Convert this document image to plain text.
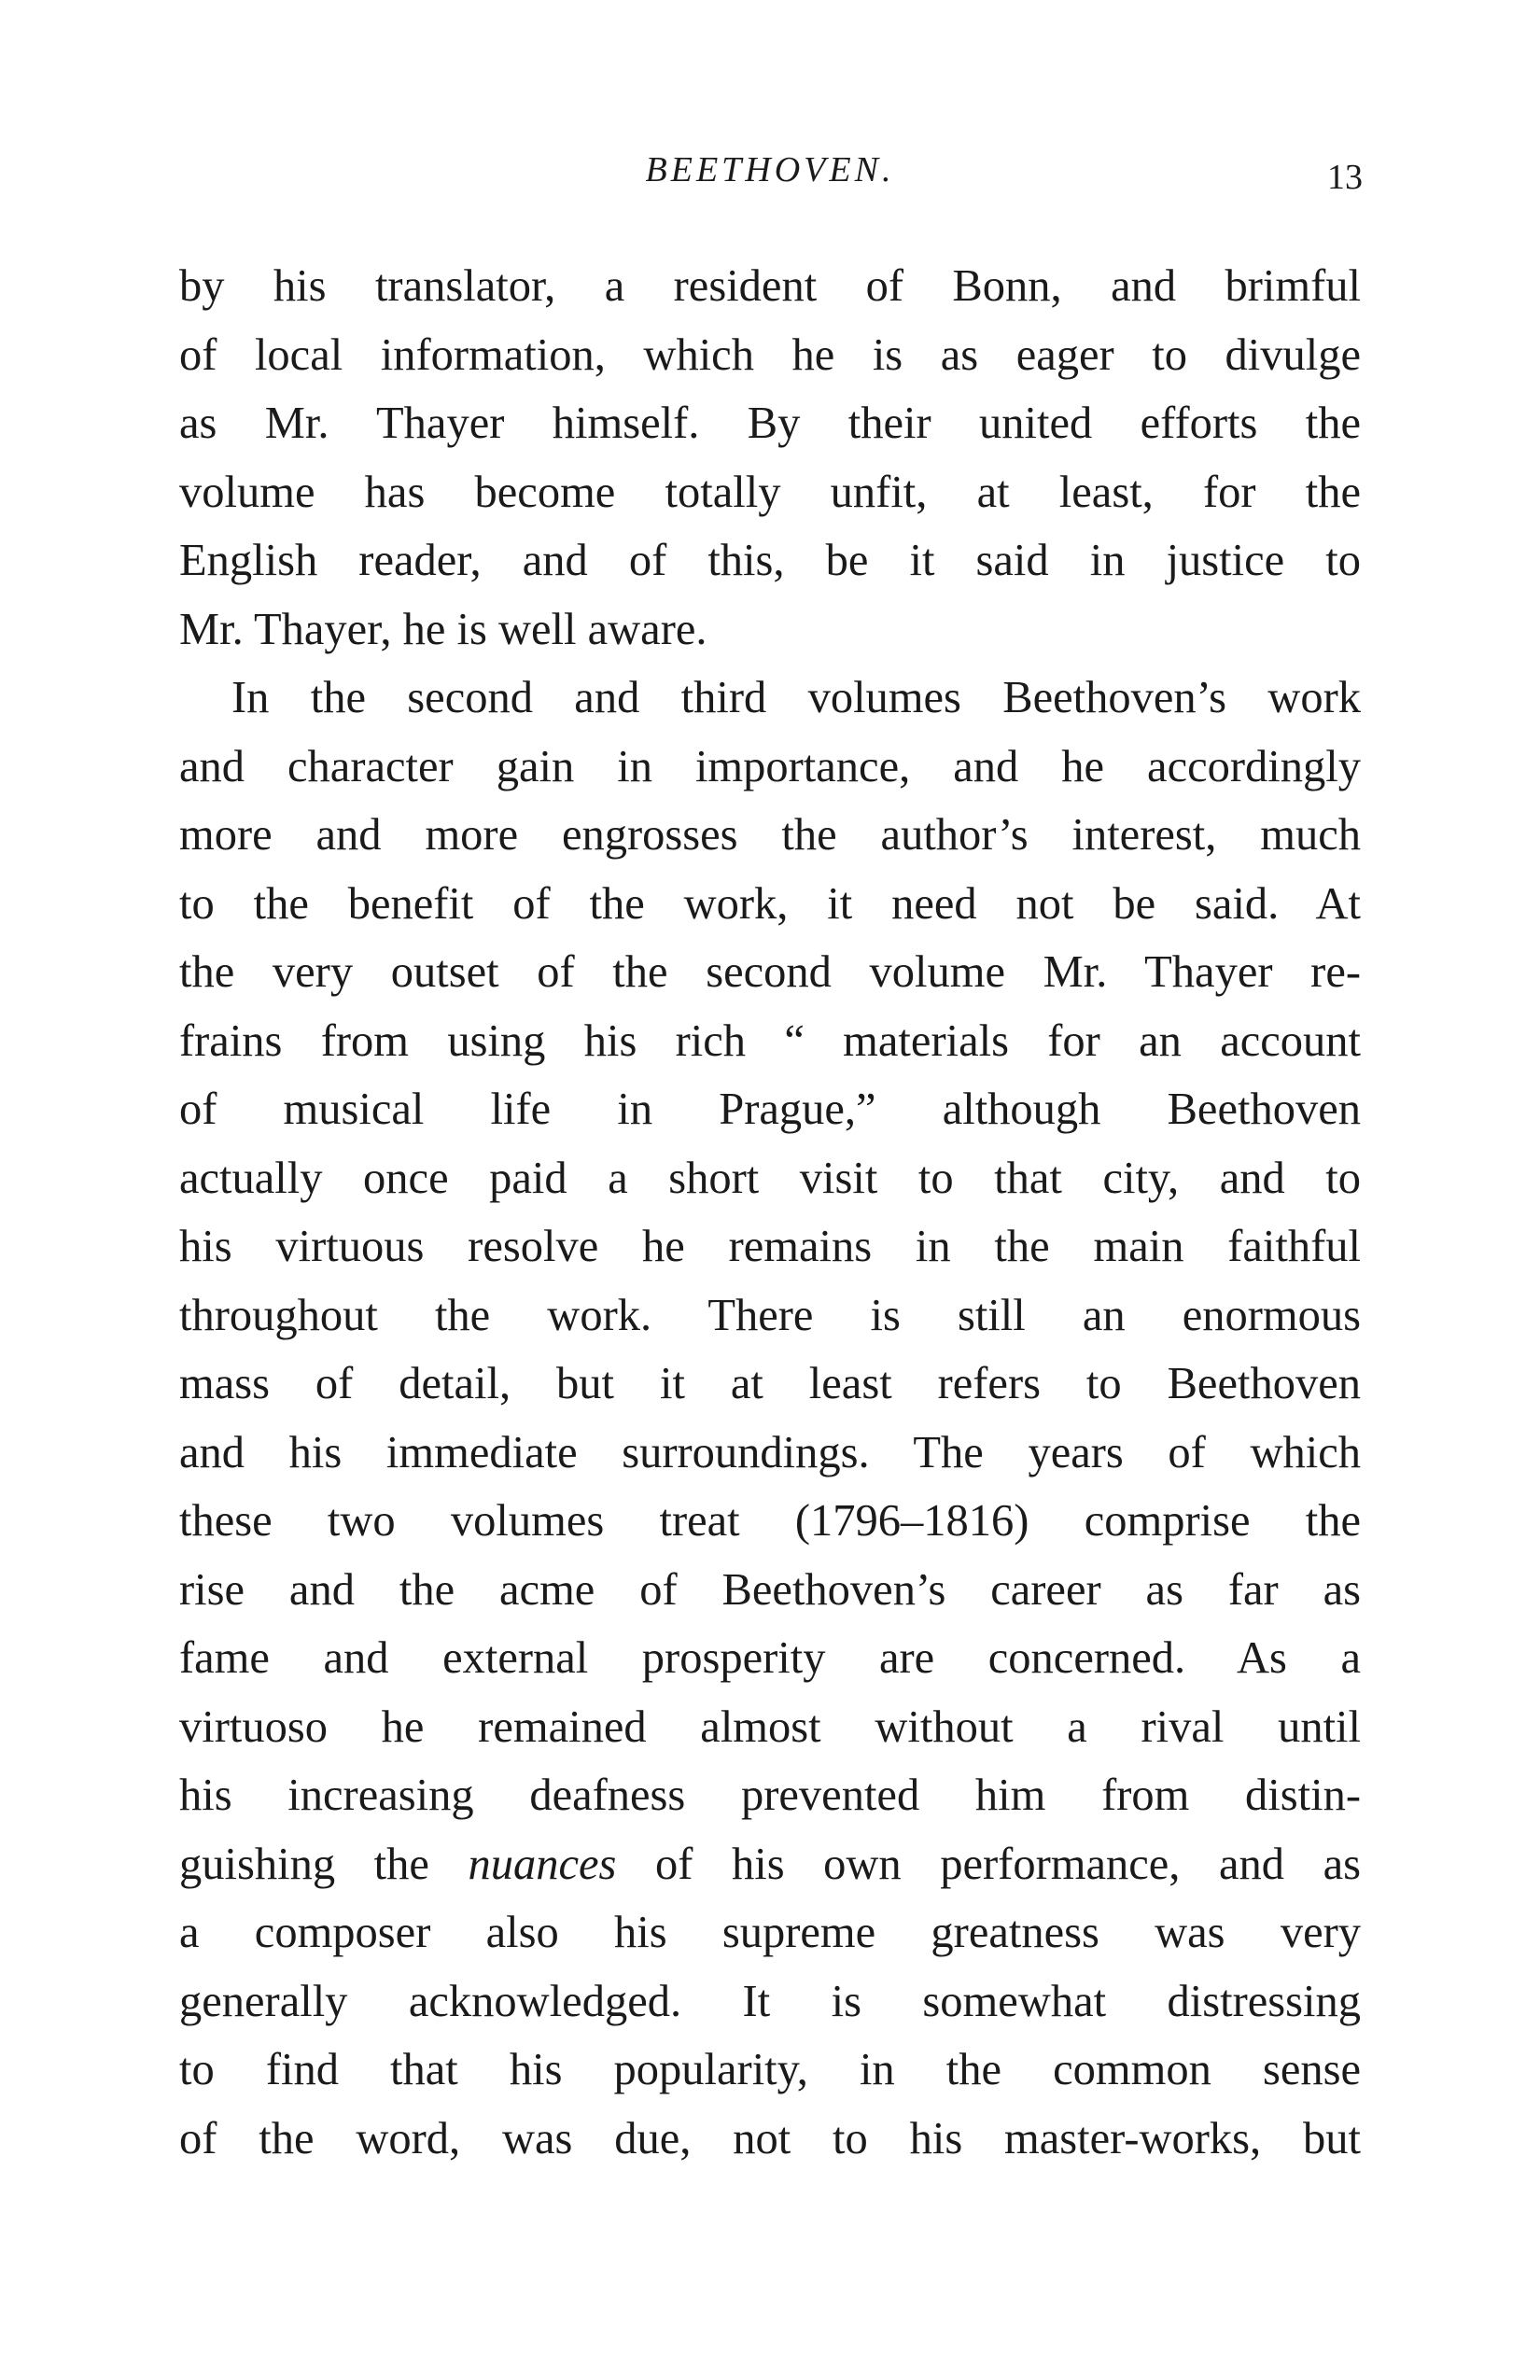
BEETHOVEN.	13
by his translator, a resident of Bonn, and brimful
of local information, which he is as eager to divulge
as Mr. Thayer himself. By their united efforts the
volume has become totally unfit, at least, for the
English reader, and of this, be it said in justice to
Mr. Thayer, he is well aware.
In the second and third volumes Beethoven’s work
and character gain in importance, and he accordingly
more and more engrosses the author’s interest, much
to the benefit of the work, it need not be said. At
the very outset of the second volume Mr. Thayer re-
frains from using his rich “ materials for an account
of musical life in Prague,” although Beethoven
actually once paid a short visit to that city, and to
his virtuous resolve he remains in the main faithful
throughout the work. There is still an enormous
mass of detail, but it at least refers to Beethoven
and his immediate surroundings. The years of which
these two volumes treat (1796–1816) comprise the
rise and the acme of Beethoven’s career as far as
fame and external prosperity are concerned. As a
virtuoso he remained almost without a rival until
his increasing deafness prevented him from distin-
guishing the nuances of his own performance, and as
a composer also his supreme greatness was very
generally acknowledged. It is somewhat distressing
to find that his popularity, in the common sense
of the word, was due, not to his master-works, but
